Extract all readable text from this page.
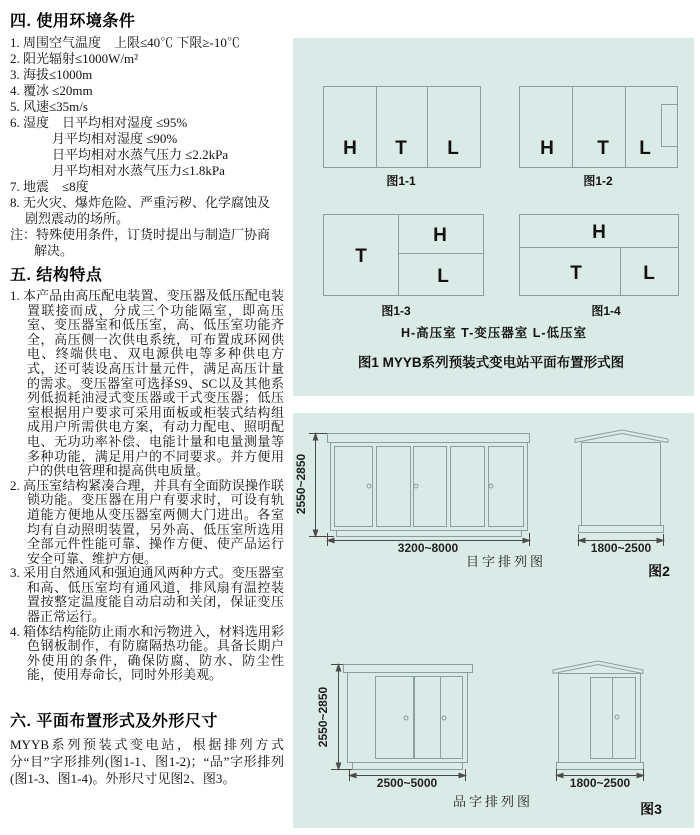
四. 使用环境条件
1. 周围空气温度　上限≤40℃ 下限≥-10℃
2. 阳光辐射≤1000W/m²
3. 海拔≤1000m
4. 覆冰 ≤20mm
5. 风速≤35m/s
6. 湿度　日平均相对湿度 ≤95%
月平均相对湿度 ≤90%
日平均相对水蒸气压力 ≤2.2kPa
月平均相对水蒸气压力≤1.8kPa
7. 地震　≤8度
8. 无火灾、爆炸危险、严重污秽、化学腐蚀及
剧烈震动的场所。
注：特殊使用条件，订货时提出与制造厂协商
解决。
五. 结构特点

1. 本产品由高压配电装置、变压器及低压配电装置联接而成，分成三个功能隔室，即高压室、变压器室和低压室，高、低压室功能齐全，高压侧一次供电系统，可布置成环网供电、终端供电、双电源供电等多种供电方式，还可装设高压计量元件，满足高压计量的需求。变压器室可选择S9、SC以及其他系列低损耗油浸式变压器或干式变压器；低压室根据用户要求可采用面板或柜装式结构组成用户所需供电方案，有动力配电、照明配电、无功功率补偿、电能计量和电量测量等多种功能，满足用户的不同要求。并方便用户的供电管理和提高供电质量。

2. 高压室结构紧凑合理，并具有全面防误操作联锁功能。变压器在用户有要求时，可设有轨道能方便地从变压器室两侧大门进出。各室均有自动照明装置，另外高、低压室所选用全部元件性能可靠、操作方便、使产品运行安全可靠、维护方便。

3. 采用自然通风和强迫通风两种方式。变压器室和高、低压室均有通风道，排风扇有温控装置按整定温度能自动启动和关闭，保证变压器正常运行。

4. 箱体结构能防止雨水和污物进入，材料选用彩色钢板制作，有防腐隔热功能。具备长期户外使用的条件，确保防腐、防水、防尘性能，使用寿命长，同时外形美观。

六. 平面布置形式及外形尺寸

MYYB系列预装式变电站，根据排列方式分“目”字形排列(图1-1、图1-2)；“品”字形排列(图1-3、图1-4)。外形尺寸见图2、图3。

H T L
图1-1
H T L
图1-2
T
H
L
图1-3
H
T	L
图1-4
H-高压室 T-变压器室 L-低压室
图1 MYYB系列预装式变电站平面布置形式图
2550~2850
3200~8000
目字排列图
1800~2500
图2
2550~2850
2500~5000
品字排列图
1800~2500
图3
